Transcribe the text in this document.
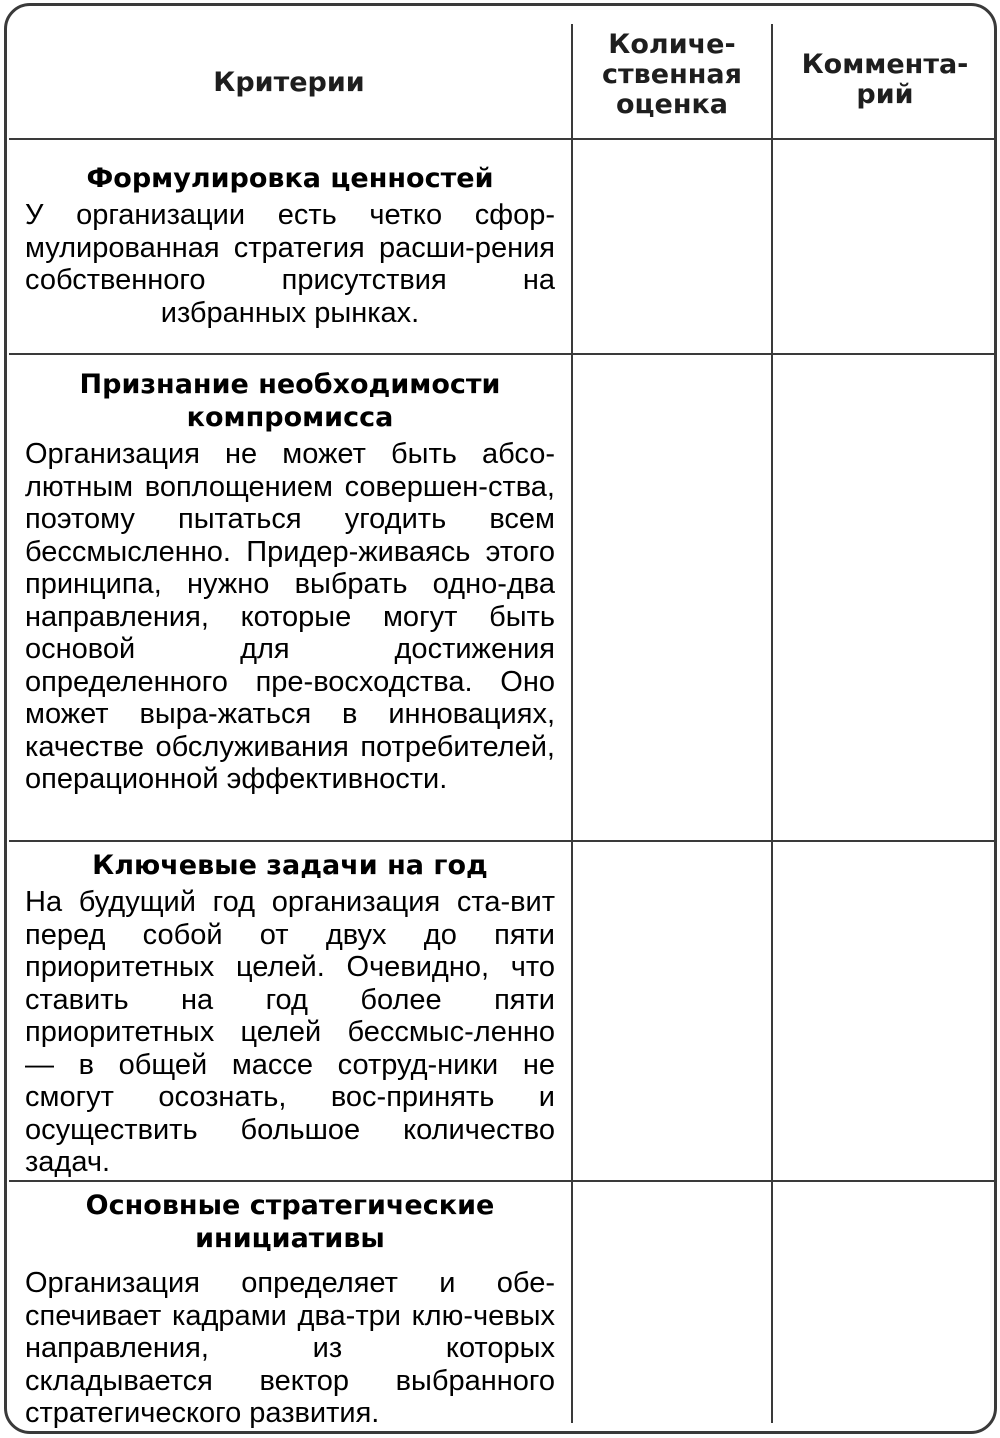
Критерии
Количе-
ственная
оценка
Коммента-
рий

Формулировка ценностей

У организации есть четко сфор-мулированная стратегия расши-рения собственного присутствия на избранных рынках.

Признание необходимости компромисса

Организация не может быть абсо-лютным воплощением совершен-ства, поэтому пытаться угодить всем бессмысленно. Придер-живаясь этого принципа, нужно выбрать одно-два направления, которые могут быть основой для достижения определенного пре-восходства. Оно может выра-жаться в инновациях, качестве обслуживания потребителей, операционной эффективности.

Ключевые задачи на год

На будущий год организация ста-вит перед собой от двух до пяти приоритетных целей. Очевидно, что ставить на год более пяти приоритетных целей бессмыс-ленно — в общей массе сотруд-ники не смогут осознать, вос-принять и осуществить большое количество задач.

Основные стратегические инициативы

Организация определяет и обе-спечивает кадрами два-три клю-чевых направления, из которых складывается вектор выбранного стратегического развития.
